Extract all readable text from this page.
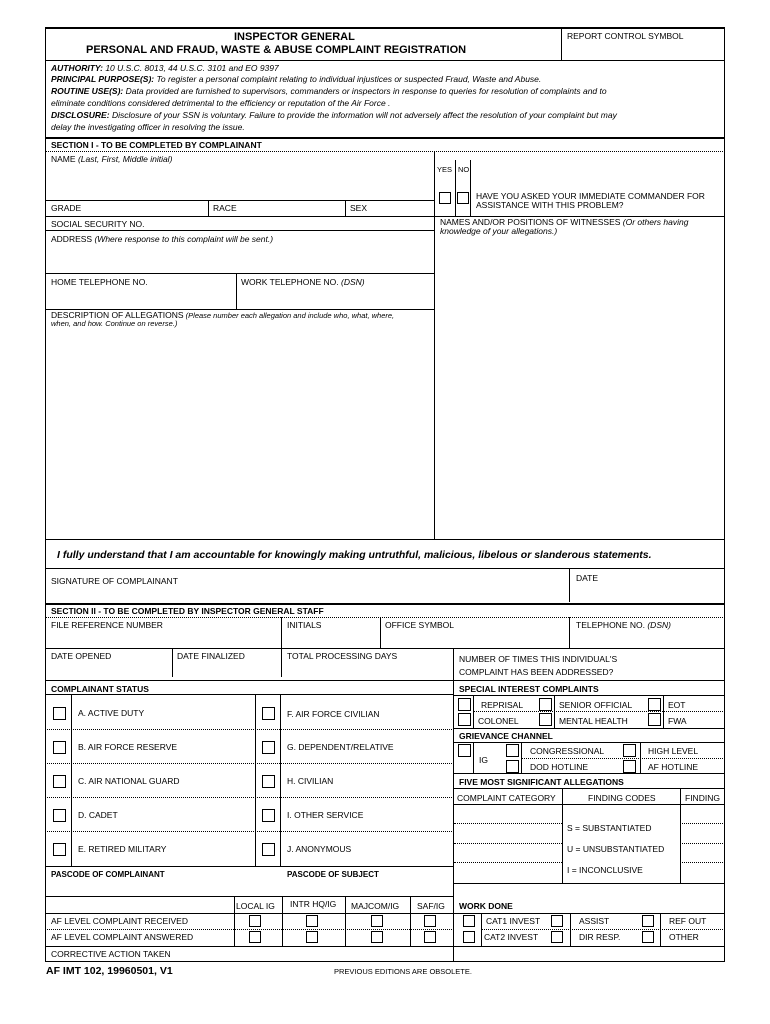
INSPECTOR GENERAL
PERSONAL AND FRAUD, WASTE & ABUSE COMPLAINT REGISTRATION
REPORT CONTROL SYMBOL
AUTHORITY: 10 U.S.C. 8013, 44 U.S.C. 3101 and EO 9397
PRINCIPAL PURPOSE(S): To register a personal complaint relating to individual injustices or suspected Fraud, Waste and Abuse.
ROUTINE USE(S): Data provided are furnished to supervisors, commanders or inspectors in response to queries for resolution of complaints and to
eliminate conditions considered detrimental to the efficiency or reputation of the Air Force .
DISCLOSURE: Disclosure of your SSN is voluntary. Failure to provide the information will not adversely affect the resolution of your complaint but may
delay the investigating officer in resolving the issue.
SECTION I - TO BE COMPLETED BY COMPLAINANT
NAME (Last, First, Middle initial)
YES NO
HAVE YOU ASKED YOUR IMMEDIATE COMMANDER FOR
ASSISTANCE WITH THIS PROBLEM?
GRADE	RACE	SEX
SOCIAL SECURITY NO.	NAMES AND/OR POSITIONS OF WITNESSES (Or others having
knowledge of your allegations.)
ADDRESS (Where response to this complaint will be sent.)
HOME TELEPHONE NO.	WORK TELEPHONE NO. (DSN)
DESCRIPTION OF ALLEGATIONS (Please number each allegation and include who, what, where,
when, and how. Continue on reverse.)
I fully understand that I am accountable for knowingly making untruthful, malicious, libelous or slanderous statements.
SIGNATURE OF COMPLAINANT	DATE
SECTION II - TO BE COMPLETED BY INSPECTOR GENERAL STAFF
FILE REFERENCE NUMBER	INITIALS	OFFICE SYMBOL	TELEPHONE NO. (DSN)
DATE OPENED	DATE FINALIZED	TOTAL PROCESSING DAYS	NUMBER OF TIMES THIS INDIVIDUAL'S
COMPLAINT HAS BEEN ADDRESSED?
COMPLAINANT STATUS
A. ACTIVE DUTY	F. AIR FORCE CIVILIAN
B. AIR FORCE RESERVE	G. DEPENDENT/RELATIVE
C. AIR NATIONAL GUARD	H. CIVILIAN
D. CADET	I. OTHER SERVICE
E. RETIRED MILITARY	J. ANONYMOUS
PASCODE OF COMPLAINANT	PASCODE OF SUBJECT
LOCAL IG INTR HQ/IG MAJCOM/IG SAF/IG
AF LEVEL COMPLAINT RECEIVED
AF LEVEL COMPLAINT ANSWERED
CORRECTIVE ACTION TAKEN
SPECIAL INTEREST COMPLAINTS
REPRISAL	SENIOR OFFICIAL	EOT
COLONEL	MENTAL HEALTH	FWA
GRIEVANCE CHANNEL
IG
CONGRESSIONAL	HIGH LEVEL
DOD HOTLINE	AF HOTLINE
FIVE MOST SIGNIFICANT ALLEGATIONS
COMPLAINT CATEGORY	FINDING CODES	FINDING
S = SUBSTANTIATED
U = UNSUBSTANTIATED
I = INCONCLUSIVE
WORK DONE
CAT1 INVEST	ASSIST	REF OUT
CAT2 INVEST	DIR RESP.	OTHER
AF IMT 102, 19960501, V1	PREVIOUS EDITIONS ARE OBSOLETE.
